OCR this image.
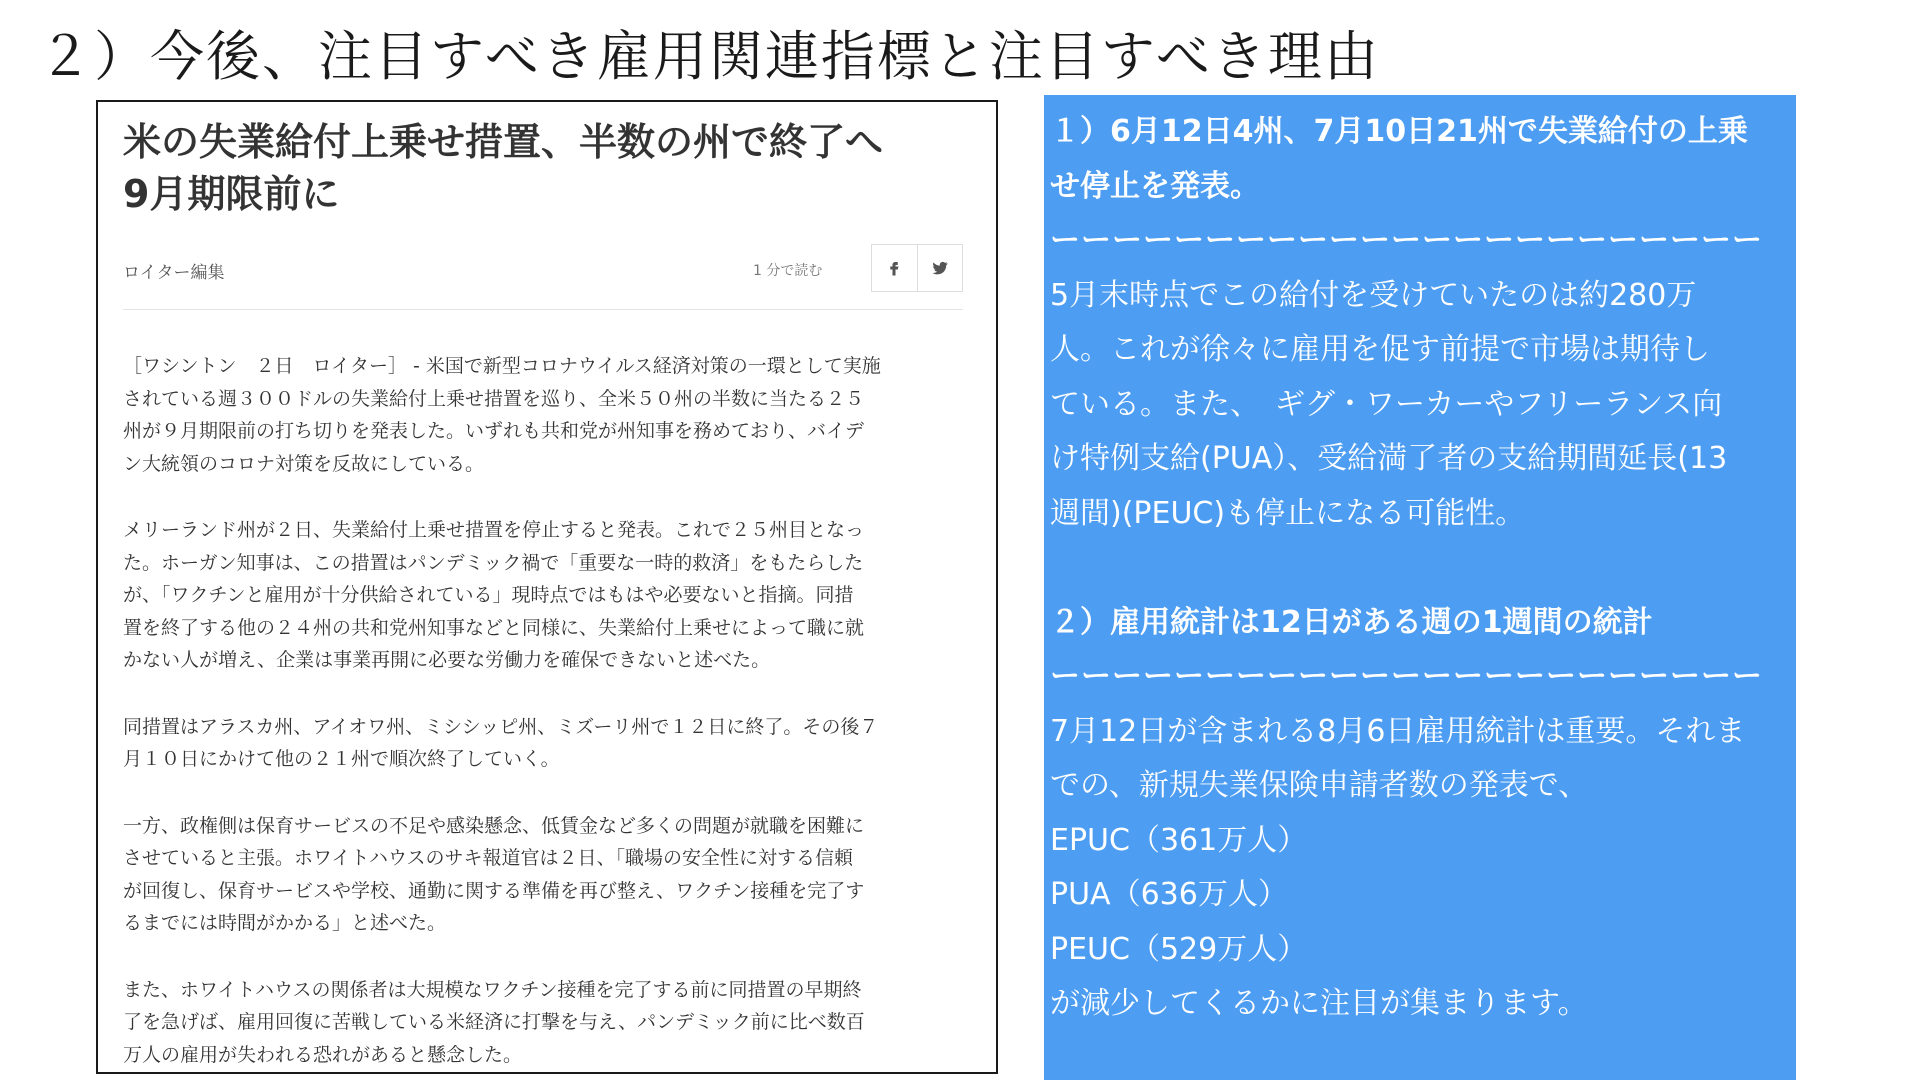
２）今後、注目すべき雇用関連指標と注目すべき理由
米の失業給付上乗せ措置、半数の州で終了へ
9月期限前に
ロイター編集	1 分で読む
［ワシントン　２日　ロイター］ - 米国で新型コロナウイルス経済対策の一環として実施
されている週３００ドルの失業給付上乗せ措置を巡り、全米５０州の半数に当たる２５
州が９月期限前の打ち切りを発表した。いずれも共和党が州知事を務めており、バイデ
ン大統領のコロナ対策を反故にしている。
メリーランド州が２日、失業給付上乗せ措置を停止すると発表。これで２５州目となっ
た。ホーガン知事は、この措置はパンデミック禍で「重要な一時的救済」をもたらした
が、「ワクチンと雇用が十分供給されている」現時点ではもはや必要ないと指摘。同措
置を終了する他の２４州の共和党州知事などと同様に、失業給付上乗せによって職に就
かない人が増え、企業は事業再開に必要な労働力を確保できないと述べた。
同措置はアラスカ州、アイオワ州、ミシシッピ州、ミズーリ州で１２日に終了。その後７
月１０日にかけて他の２１州で順次終了していく。
一方、政権側は保育サービスの不足や感染懸念、低賃金など多くの問題が就職を困難に
させていると主張。ホワイトハウスのサキ報道官は２日、「職場の安全性に対する信頼
が回復し、保育サービスや学校、通勤に関する準備を再び整え、ワクチン接種を完了す
るまでには時間がかかる」と述べた。
また、ホワイトハウスの関係者は大規模なワクチン接種を完了する前に同措置の早期終
了を急げば、雇用回復に苦戦している米経済に打撃を与え、パンデミック前に比べ数百
万人の雇用が失われる恐れがあると懸念した。
１）6月12日4州、7月10日21州で失業給付の上乗
せ停止を発表。
ーーーーーーーーーーーーーーーーーーーーーーー
5月末時点でこの給付を受けていたのは約280万
人。これが徐々に雇用を促す前提で市場は期待し
ている。また、　ギグ・ワーカーやフリーランス向
け特例支給(PUA）、受給満了者の支給期間延長(13
週間)(PEUC)も停止になる可能性。
２）雇用統計は12日がある週の1週間の統計
ーーーーーーーーーーーーーーーーーーーーーーー
7月12日が含まれる8月6日雇用統計は重要。それま
での、新規失業保険申請者数の発表で、
EPUC（361万人）
PUA（636万人）
PEUC（529万人）
が減少してくるかに注目が集まります。
